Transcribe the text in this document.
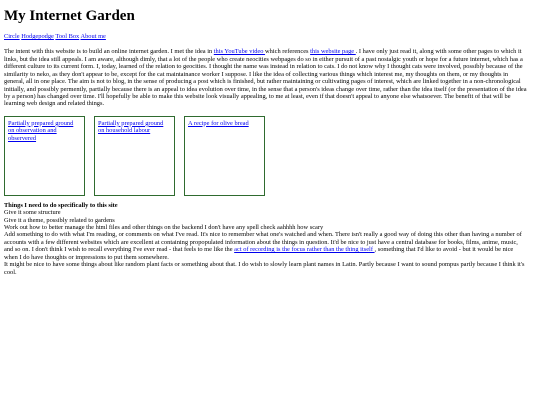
My Internet Garden
Circle Hodgepodge Tool Box About me

The intent with this website is to build an online internet garden. I met the idea in this YouTube video which references this website page . I have only just read it, along with some other pages to which it links, but the idea still appeals. I am aware, although dimly, that a lot of the people who create neocities webpages do so in either pursuit of a past nostalgic youth or hope for a future internet, which has a different culture to its current form. I, today, learned of the relation to geocities. I thought the name was instead in relation to cats. I do not know why I thought cats were involved, possibly because of the similarity to neko, as they don't appear to be, except for the cat maintainance worker I suppose. I like the idea of collecting various things which interest me, my thoughts on them, or my thoughts in general, all in one place. The aim is not to blog, in the sense of producing a post which is finished, but rather maintaining or cultivating pages of interest, which are linked together in a non-chronological initially, and possibly permently, partially because there is an appeal to idea evolution over time, in the sense that a person's ideas change over time, rather than the idea itself (or the presentation of the idea by a person) has changed over time. I'll hopefully be able to make this website look visually appealing, to me at least, even if that doesn't appeal to anyone else whatsoever. The benefit of that will be learning web design and related things.

Partially prepared ground on observation and observered
Partially prepared ground on household labour
A recipe for olive bread
Things I need to do specifically to this site
Give it some structure
Give it a theme, possibly related to gardens
Work out how to better manage the html files and other things on the backend I don't have any spell check aahhhh how scary
Add something to do with what I'm reading, or comments on what I've read. It's nice to remember what one's watched and when. There isn't really a good way of doing this other than having a number of accounts with a few different websites which are excellent at containing propopulated information about the things in question. It'd be nice to just have a central database for books, films, anime, music, and so on. I don't think I wish to recall everything I've ever read - that feels to me like the act of recording is the focus rather than the thing itself , something that I'd like to avoid - but it would be nice when I do have thoughts or impressions to put them somewhere.
It might be nice to have some things about like random plant facts or something about that. I do wish to slowly learn plant names in Latin. Partly because I want to sound pompus partly because I think it's cool.
